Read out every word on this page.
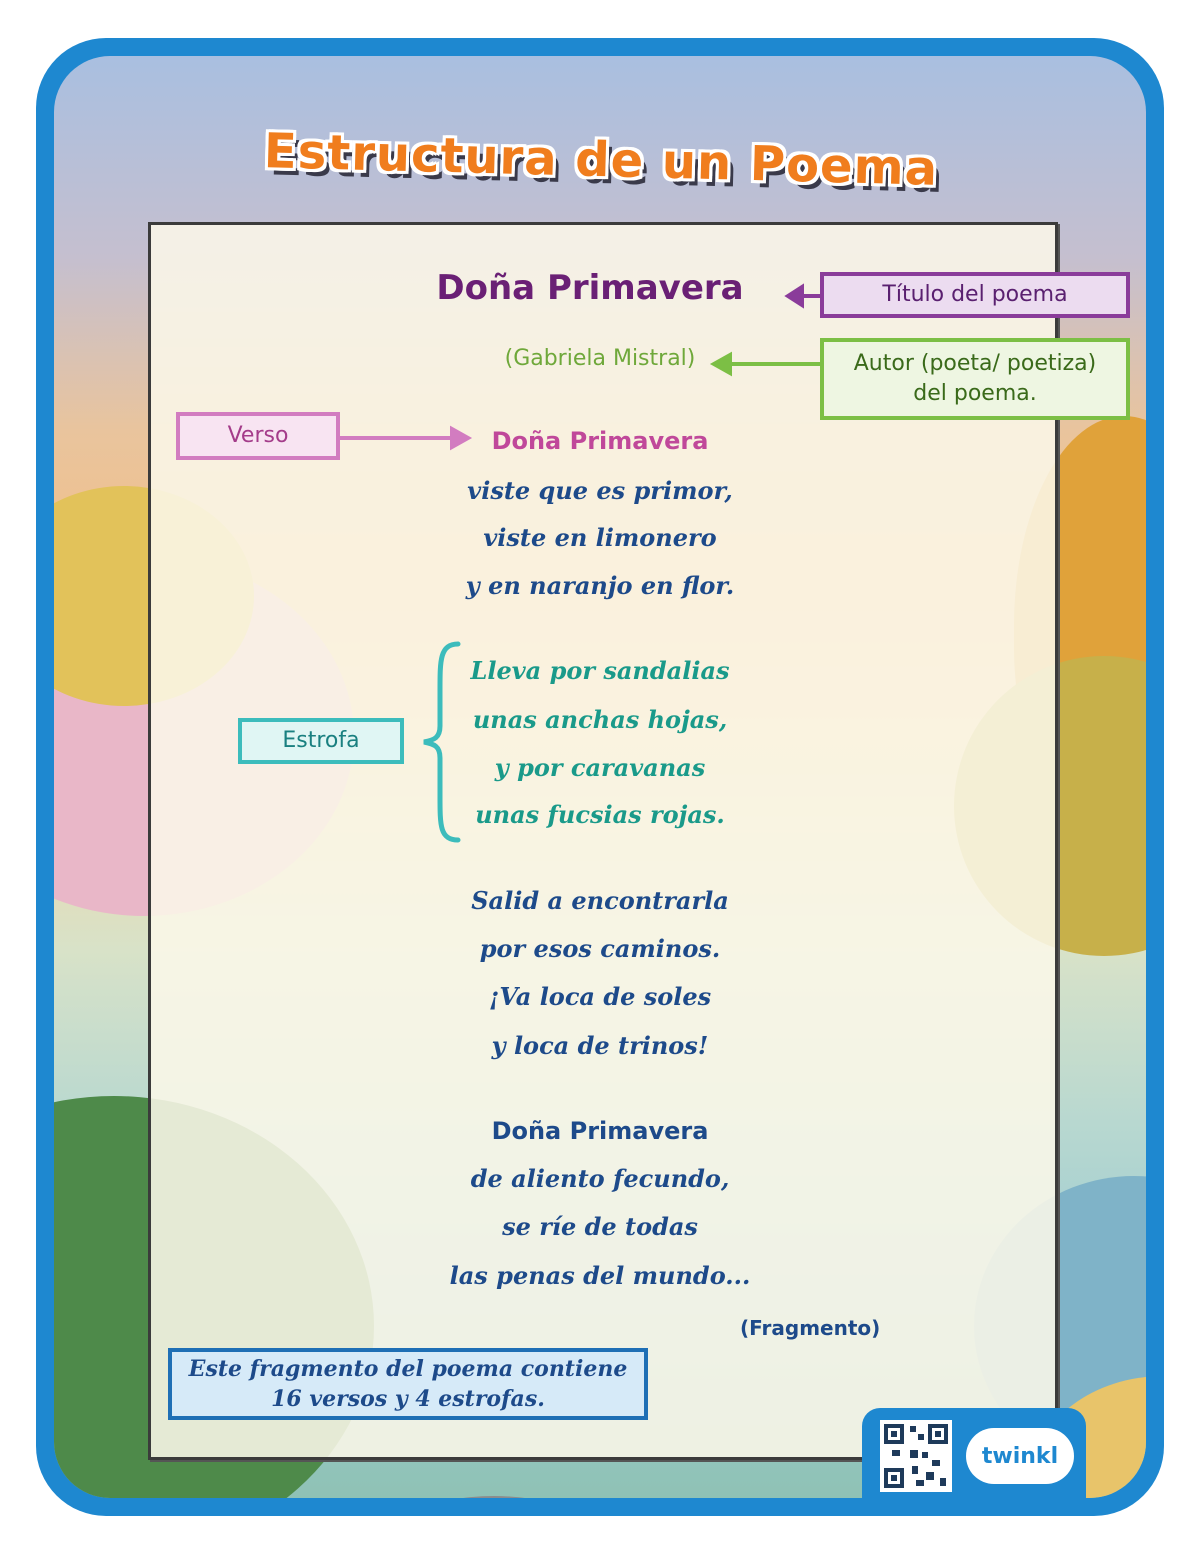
Estructura de un Poema
Doña Primavera
(Gabriela Mistral)
Doña Primavera
viste que es primor,
viste en limonero
y en naranjo en flor.
Lleva por sandalias
unas anchas hojas,
y por caravanas
unas fucsias rojas.
Salid a encontrarla
por esos caminos.
¡Va loca de soles
y loca de trinos!
Doña Primavera
de aliento fecundo,
se ríe de todas
las penas del mundo...
(Fragmento)
Título del poema
Autor (poeta/ poetiza)
del poema.
Verso
Estrofa
Este fragmento del poema contiene
16 versos y 4 estrofas.
twinkl
